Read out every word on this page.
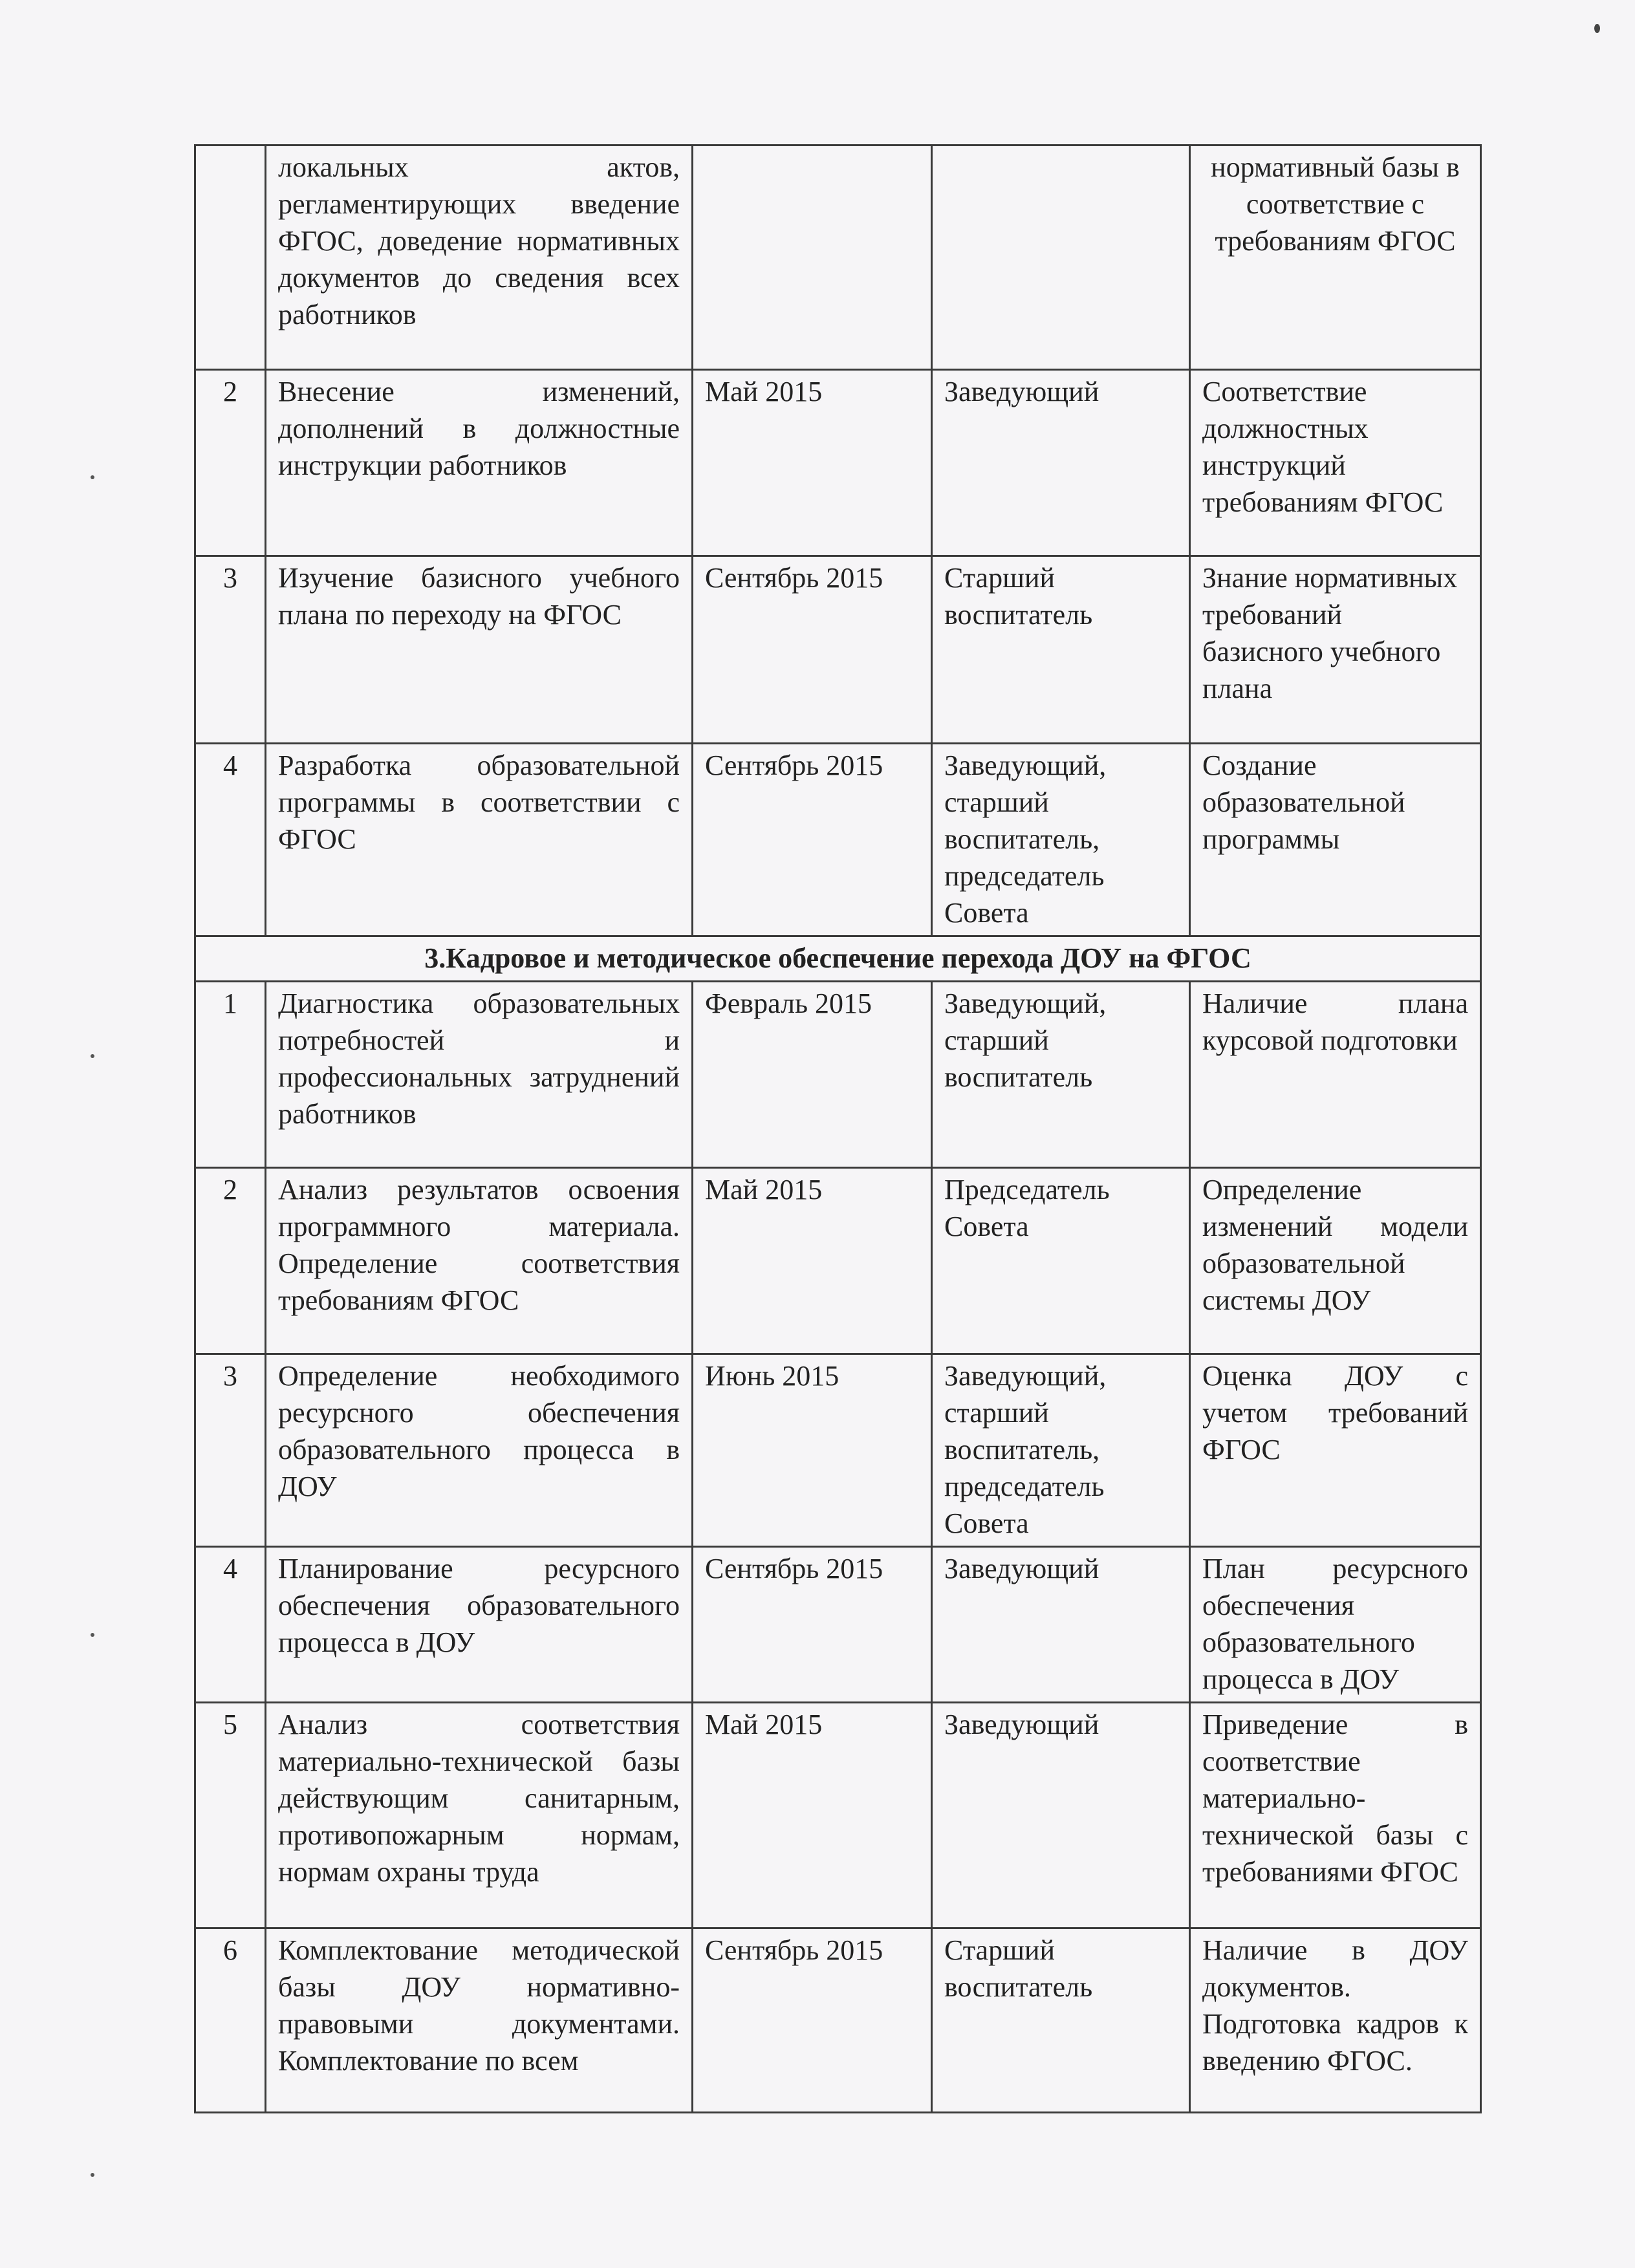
	локальных актов, регламентирующих введение ФГОС, доведение нормативных документов до сведения всех работников			нормативный базы в соответствие с требованиям ФГОС
2	Внесение изменений, дополнений в должностные инструкции работников	Май 2015	Заведующий	Соответствие должностных инструкций требованиям ФГОС
3	Изучение базисного учебного плана по переходу на ФГОС	Сентябрь 2015	Старший воспитатель	Знание нормативных требований базисного учебного плана
4	Разработка образовательной программы в соответствии с ФГОС	Сентябрь 2015	Заведующий, старший воспитатель, председатель Совета	Создание образовательной программы
3.Кадровое и методическое обеспечение перехода ДОУ на ФГОС				
1	Диагностика образовательных потребностей и профессиональных затруднений работников	Февраль 2015	Заведующий, старший воспитатель	Наличие плана курсовой подготовки
2	Анализ результатов освоения программного материала. Определение соответствия требованиям ФГОС	Май 2015	Председатель Совета	Определение изменений модели образовательной системы ДОУ
3	Определение необходимого ресурсного обеспечения образовательного процесса в ДОУ	Июнь 2015	Заведующий, старший воспитатель, председатель Совета	Оценка ДОУ с учетом требований ФГОС
4	Планирование ресурсного обеспечения образовательного процесса в ДОУ	Сентябрь 2015	Заведующий	План ресурсного обеспечения образовательного процесса в ДОУ
5	Анализ соответствия материально-технической базы действующим санитарным, противопожарным нормам, нормам охраны труда	Май 2015	Заведующий	Приведение в соответствие материально-технической базы с требованиями ФГОС
6	Комплектование методической базы ДОУ нормативно-правовыми документами. Комплектование по всем	Сентябрь 2015	Старший воспитатель	Наличие в ДОУ документов. Подготовка кадров к введению ФГОС.
